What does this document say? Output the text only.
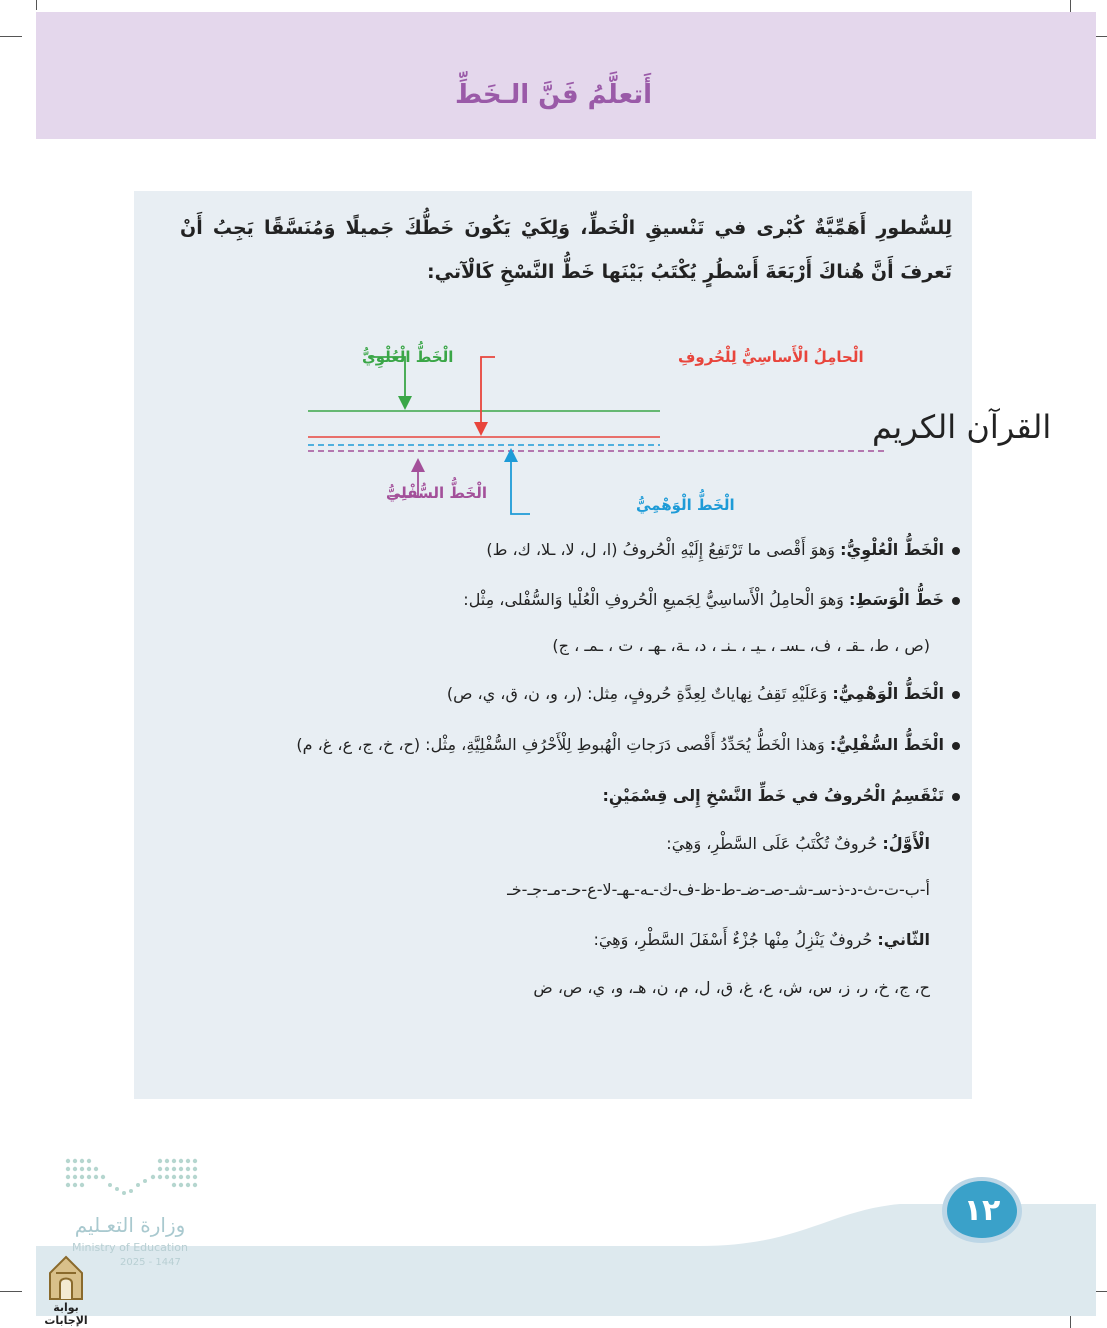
أَتعلَّمُ فَنَّ الـخَطِّ
لِلسُّطورِ أَهَمِّيَّةٌ كُبْرى في تَنْسيقِ الْخَطِّ، وَلِكَيْ يَكُونَ خَطُّكَ جَميلًا وَمُنَسَّقًا يَجِبُ أَنْ تَعرفَ أَنَّ هُناكَ أَرْبَعَةَ أَسْطُرٍ يُكْتَبُ بَيْنَها خَطُّ النَّسْخِ كَالْآتي:
القرآن الكريم
الْخَطُّ الْعُلْوِيُّ	الْحامِلُ الْأَساسِيُّ لِلْحُروفِ
الْخَطُّ الْوَهْمِيُّ
الْخَطُّ السُّفْلِيُّ
الْخَطُّ الْعُلْوِيُّ: وَهوَ أَقْصى ما تَرْتَفِعُ إِلَيْهِ الْحُروفُ (ا، ل، لا، ـلا، ك، ط)
خَطُّ الْوَسَطِ: وَهوَ الْحامِلُ الْأَساسِيُّ لِجَميعِ الْحُروفِ الْعُلْيا وَالسُّفْلى، مِثْل:
(ص ، ط، ـقـ ، ف، ـسـ ، ـيـ ، ـنـ ، د، ـة، ـهـ ، ت ، ـمـ ، ج)
الْخَطُّ الْوَهْمِيُّ: وَعَلَيْهِ تَقِفُ نِهاياتٌ لِعِدَّةِ حُروفٍ، مِثل: (ر، و، ن، ق، ي، ص)
الْخَطُّ السُّفْلِيُّ: وَهذا الْخَطُّ يُحَدِّدُ أَقْصى دَرَجاتِ الْهُبوطِ لِلْأَحْرُفِ السُّفْلِيَّةِ، مِثْل: (ح، خ، ج، ع، غ، م)
تَنْقَسِمُ الْحُروفُ في خَطِّ النَّسْخِ إِلى قِسْمَيْنِ:
الْأَوَّلُ: حُروفٌ تُكْتَبُ عَلَى السَّطْرِ، وَهِيَ:
أ-ب-ت-ث-د-ذ-سـ-شـ-صـ-ضـ-ط-ظ-ف-ك-ـه-ـهـ-لا-ع-حـ-مـ-جـ-خـ
الثّاني: حُروفٌ يَنْزِلُ مِنْها جُزْءٌ أَسْفَلَ السَّطْرِ، وَهِيَ:
ح، ج، خ، ر، ز، س، ش، ع، غ، ق، ل، م، ن، هـ، و، ي، ص، ض
١٢
وزارة التعـليم
Ministry of Education
2025 - 1447
بوابة الإجابات
